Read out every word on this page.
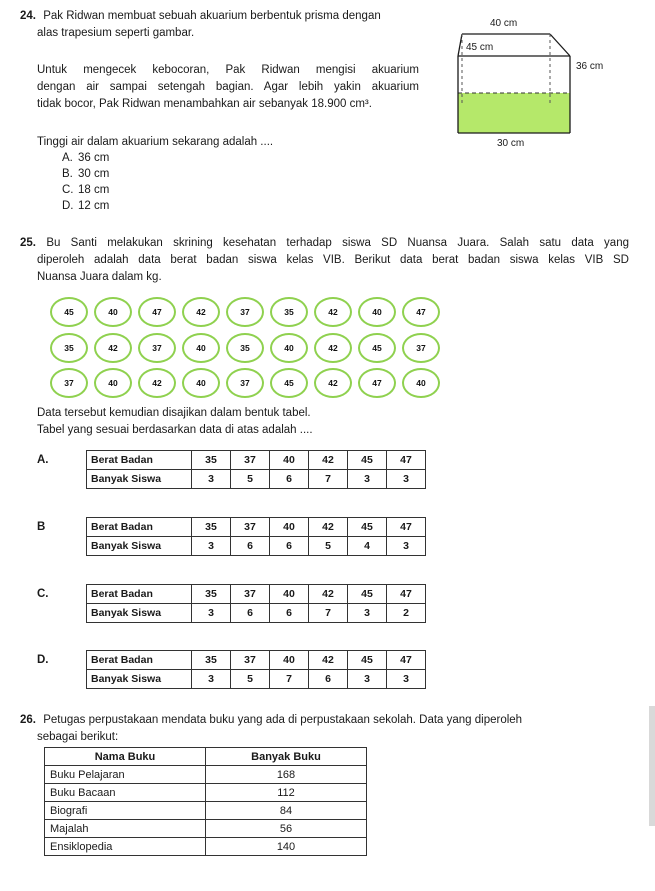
24. Pak Ridwan membuat sebuah akuarium berbentuk prisma dengan
alas trapesium seperti gambar.
Untuk mengecek kebocoran, Pak Ridwan mengisi akuarium
dengan air sampai setengah bagian. Agar lebih yakin akuarium
tidak bocor, Pak Ridwan menambahkan air sebanyak 18.900 cm³.
Tinggi air dalam akuarium sekarang adalah ....
A. 36 cm
B. 30 cm
C. 18 cm
D. 12 cm
40 cm
45 cm
36 cm
30 cm
25. Bu Santi melakukan skrining kesehatan terhadap siswa SD Nuansa Juara. Salah satu data yang
diperoleh adalah data berat badan siswa kelas VIB. Berikut data berat badan siswa kelas VIB SD
Nuansa Juara dalam kg.
45	40	47	42	37	35	42	40	47
35	42	37	40	35	40	42	45	37
37	40	42	40	37	45	42	47	40
Data tersebut kemudian disajikan dalam bentuk tabel.
Tabel yang sesuai berdasarkan data di atas adalah ....
A.	Berat Badan	35	37	40	42	45	47
Banyak Siswa	3	5	6	7	3	3
B	Berat Badan	35	37	40	42	45	47
Banyak Siswa	3	6	6	5	4	3
C.	Berat Badan	35	37	40	42	45	47
Banyak Siswa	3	6	6	7	3	2
D.	Berat Badan	35	37	40	42	45	47
Banyak Siswa	3	5	7	6	3	3
26. Petugas perpustakaan mendata buku yang ada di perpustakaan sekolah. Data yang diperoleh
sebagai berikut:
Nama Buku	Banyak Buku
Buku Pelajaran	168
Buku Bacaan	112
Biografi	84
Majalah	56
Ensiklopedia	140
